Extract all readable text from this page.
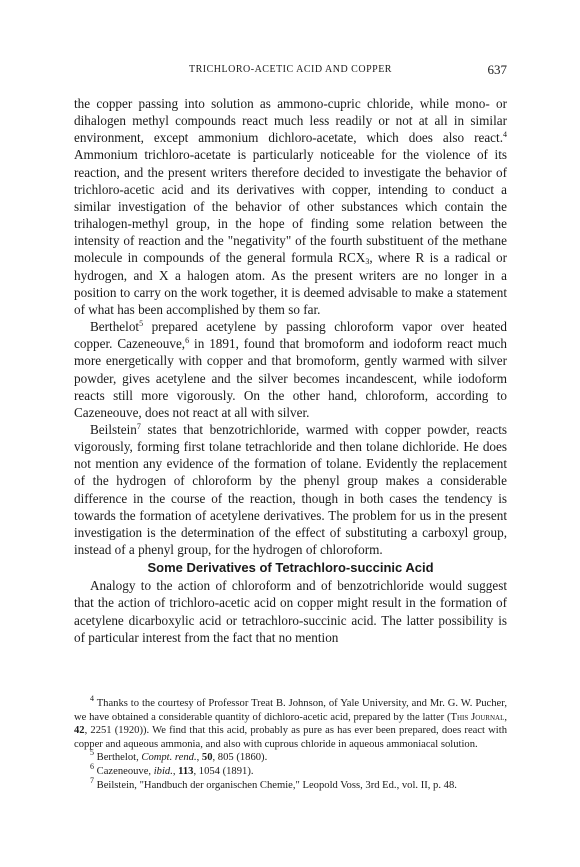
TRICHLORO-ACETIC ACID AND COPPER	637

the copper passing into solution as ammono-cupric chloride, while mono- or dihalogen methyl compounds react much less readily or not at all in similar environment, except ammonium dichloro-acetate, which does also react.$^4$ Ammonium trichloro-acetate is particularly noticeable for the violence of its reaction, and the present writers therefore decided to investigate the behavior of trichloro-acetic acid and its derivatives with copper, intending to conduct a similar investigation of the behavior of other substances which contain the trihalogen-methyl group, in the hope of finding some relation between the intensity of reaction and the "negativity" of the fourth substituent of the methane molecule in compounds of the general formula $RCX_3$, where R is a radical or hydrogen, and X a halogen atom. As the present writers are no longer in a position to carry on the work together, it is deemed advisable to make a statement of what has been accomplished by them so far.

Berthelot$^5$ prepared acetylene by passing chloroform vapor over heated copper. Cazeneouve,$^6$ in 1891, found that bromoform and iodoform react much more energetically with copper and that bromoform, gently warmed with silver powder, gives acetylene and the silver becomes incandescent, while iodoform reacts still more vigorously. On the other hand, chloroform, according to Cazeneouve, does not react at all with silver.

Beilstein$^7$ states that benzotrichloride, warmed with copper powder, reacts vigorously, forming first tolane tetrachloride and then tolane dichloride. He does not mention any evidence of the formation of tolane. Evidently the replacement of the hydrogen of chloroform by the phenyl group makes a considerable difference in the course of the reaction, though in both cases the tendency is towards the formation of acetylene derivatives. The problem for us in the present investigation is the determination of the effect of substituting a carboxyl group, instead of a phenyl group, for the hydrogen of chloroform.

Some Derivatives of Tetrachloro-succinic Acid

Analogy to the action of chloroform and of benzotrichloride would suggest that the action of trichloro-acetic acid on copper might result in the formation of acetylene dicarboxylic acid or tetrachloro-succinic acid. The latter possibility is of particular interest from the fact that no mention

$^4$ Thanks to the courtesy of Professor Treat B. Johnson, of Yale University, and Mr. G. W. Pucher, we have obtained a considerable quantity of dichloro-acetic acid, prepared by the latter (This Journal, 42, 2251 (1920)). We find that this acid, probably as pure as has ever been prepared, does react with copper and aqueous ammonia, and also with cuprous chloride in aqueous ammoniacal solution.

$^5$ Berthelot, Compt. rend., 50, 805 (1860).

$^6$ Cazeneouve, ibid., 113, 1054 (1891).

$^7$ Beilstein, "Handbuch der organischen Chemie," Leopold Voss, 3rd Ed., vol. II, p. 48.
